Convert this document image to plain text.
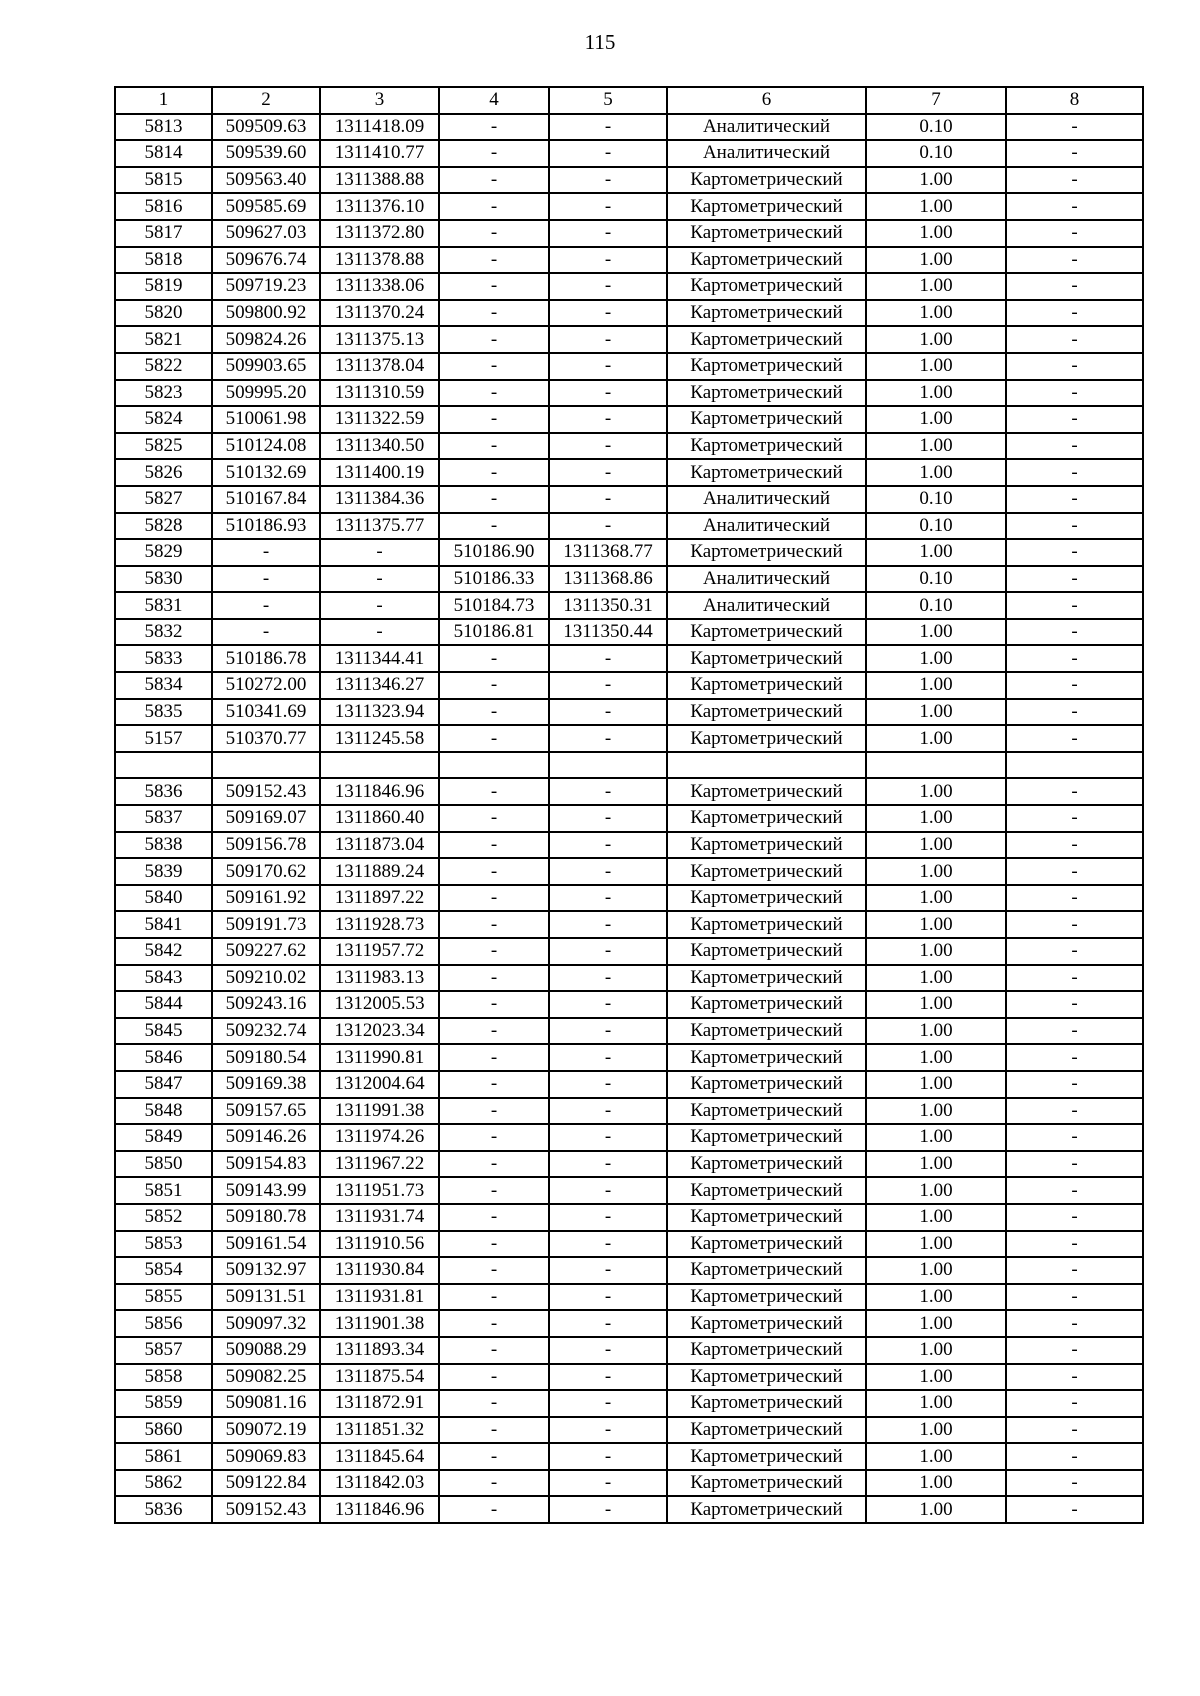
115
1	2	3	4	5	6	7	8
5813	509509.63	1311418.09	-	-	Аналитический	0.10	-
5814	509539.60	1311410.77	-	-	Аналитический	0.10	-
5815	509563.40	1311388.88	-	-	Картометрический	1.00	-
5816	509585.69	1311376.10	-	-	Картометрический	1.00	-
5817	509627.03	1311372.80	-	-	Картометрический	1.00	-
5818	509676.74	1311378.88	-	-	Картометрический	1.00	-
5819	509719.23	1311338.06	-	-	Картометрический	1.00	-
5820	509800.92	1311370.24	-	-	Картометрический	1.00	-
5821	509824.26	1311375.13	-	-	Картометрический	1.00	-
5822	509903.65	1311378.04	-	-	Картометрический	1.00	-
5823	509995.20	1311310.59	-	-	Картометрический	1.00	-
5824	510061.98	1311322.59	-	-	Картометрический	1.00	-
5825	510124.08	1311340.50	-	-	Картометрический	1.00	-
5826	510132.69	1311400.19	-	-	Картометрический	1.00	-
5827	510167.84	1311384.36	-	-	Аналитический	0.10	-
5828	510186.93	1311375.77	-	-	Аналитический	0.10	-
5829	-	-	510186.90	1311368.77	Картометрический	1.00	-
5830	-	-	510186.33	1311368.86	Аналитический	0.10	-
5831	-	-	510184.73	1311350.31	Аналитический	0.10	-
5832	-	-	510186.81	1311350.44	Картометрический	1.00	-
5833	510186.78	1311344.41	-	-	Картометрический	1.00	-
5834	510272.00	1311346.27	-	-	Картометрический	1.00	-
5835	510341.69	1311323.94	-	-	Картометрический	1.00	-
5157	510370.77	1311245.58	-	-	Картометрический	1.00	-

5836	509152.43	1311846.96	-	-	Картометрический	1.00	-
5837	509169.07	1311860.40	-	-	Картометрический	1.00	-
5838	509156.78	1311873.04	-	-	Картометрический	1.00	-
5839	509170.62	1311889.24	-	-	Картометрический	1.00	-
5840	509161.92	1311897.22	-	-	Картометрический	1.00	-
5841	509191.73	1311928.73	-	-	Картометрический	1.00	-
5842	509227.62	1311957.72	-	-	Картометрический	1.00	-
5843	509210.02	1311983.13	-	-	Картометрический	1.00	-
5844	509243.16	1312005.53	-	-	Картометрический	1.00	-
5845	509232.74	1312023.34	-	-	Картометрический	1.00	-
5846	509180.54	1311990.81	-	-	Картометрический	1.00	-
5847	509169.38	1312004.64	-	-	Картометрический	1.00	-
5848	509157.65	1311991.38	-	-	Картометрический	1.00	-
5849	509146.26	1311974.26	-	-	Картометрический	1.00	-
5850	509154.83	1311967.22	-	-	Картометрический	1.00	-
5851	509143.99	1311951.73	-	-	Картометрический	1.00	-
5852	509180.78	1311931.74	-	-	Картометрический	1.00	-
5853	509161.54	1311910.56	-	-	Картометрический	1.00	-
5854	509132.97	1311930.84	-	-	Картометрический	1.00	-
5855	509131.51	1311931.81	-	-	Картометрический	1.00	-
5856	509097.32	1311901.38	-	-	Картометрический	1.00	-
5857	509088.29	1311893.34	-	-	Картометрический	1.00	-
5858	509082.25	1311875.54	-	-	Картометрический	1.00	-
5859	509081.16	1311872.91	-	-	Картометрический	1.00	-
5860	509072.19	1311851.32	-	-	Картометрический	1.00	-
5861	509069.83	1311845.64	-	-	Картометрический	1.00	-
5862	509122.84	1311842.03	-	-	Картометрический	1.00	-
5836	509152.43	1311846.96	-	-	Картометрический	1.00	-
